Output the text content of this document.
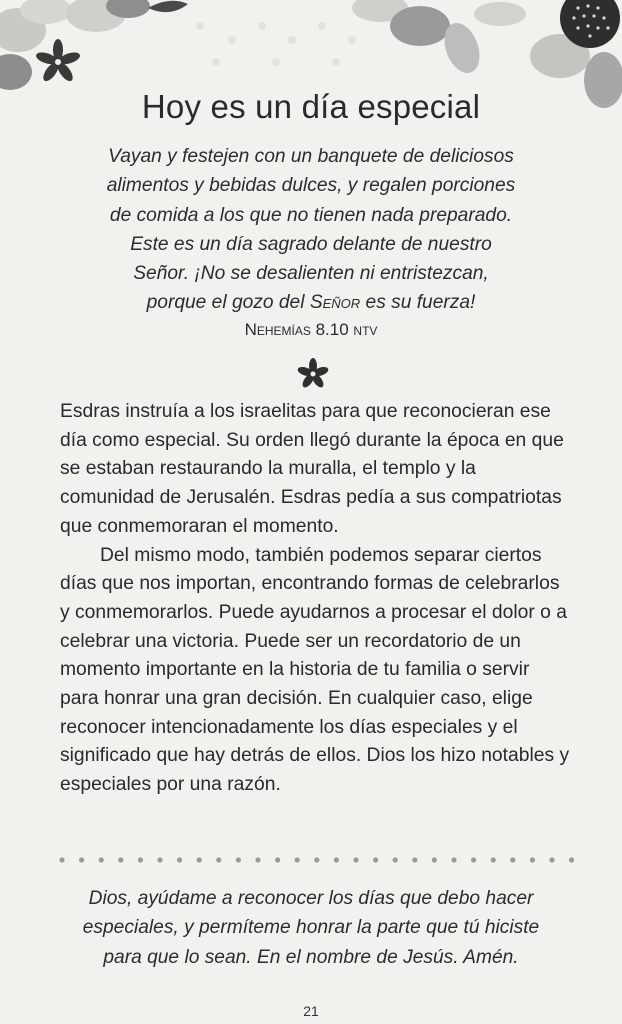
Hoy es un día especial

Vayan y festejen con un banquete de deliciosos

alimentos y bebidas dulces, y regalen porciones

de comida a los que no tienen nada preparado.

Este es un día sagrado delante de nuestro

Señor. ¡No se desalienten ni entristezcan,

porque el gozo del Señor es su fuerza!

Nehemías 8.10 ntv

Esdras instruía a los israelitas para que reconocieran ese día como especial. Su orden llegó durante la época en que se estaban restaurando la muralla, el templo y la comunidad de Jerusalén. Esdras pedía a sus compatriotas que conmemoraran el momento.

Del mismo modo, también podemos separar ciertos días que nos importan, encontrando formas de celebrarlos y conmemorarlos. Puede ayudarnos a procesar el dolor o a celebrar una victoria. Puede ser un recordatorio de un momento importante en la historia de tu familia o servir para honrar una gran decisión. En cualquier caso, elige reconocer intencionadamente los días especiales y el significado que hay detrás de ellos. Dios los hizo notables y especiales por una razón.

Dios, ayúdame a reconocer los días que debo hacer

especiales, y permíteme honrar la parte que tú hiciste

para que lo sean. En el nombre de Jesús. Amén.

21
